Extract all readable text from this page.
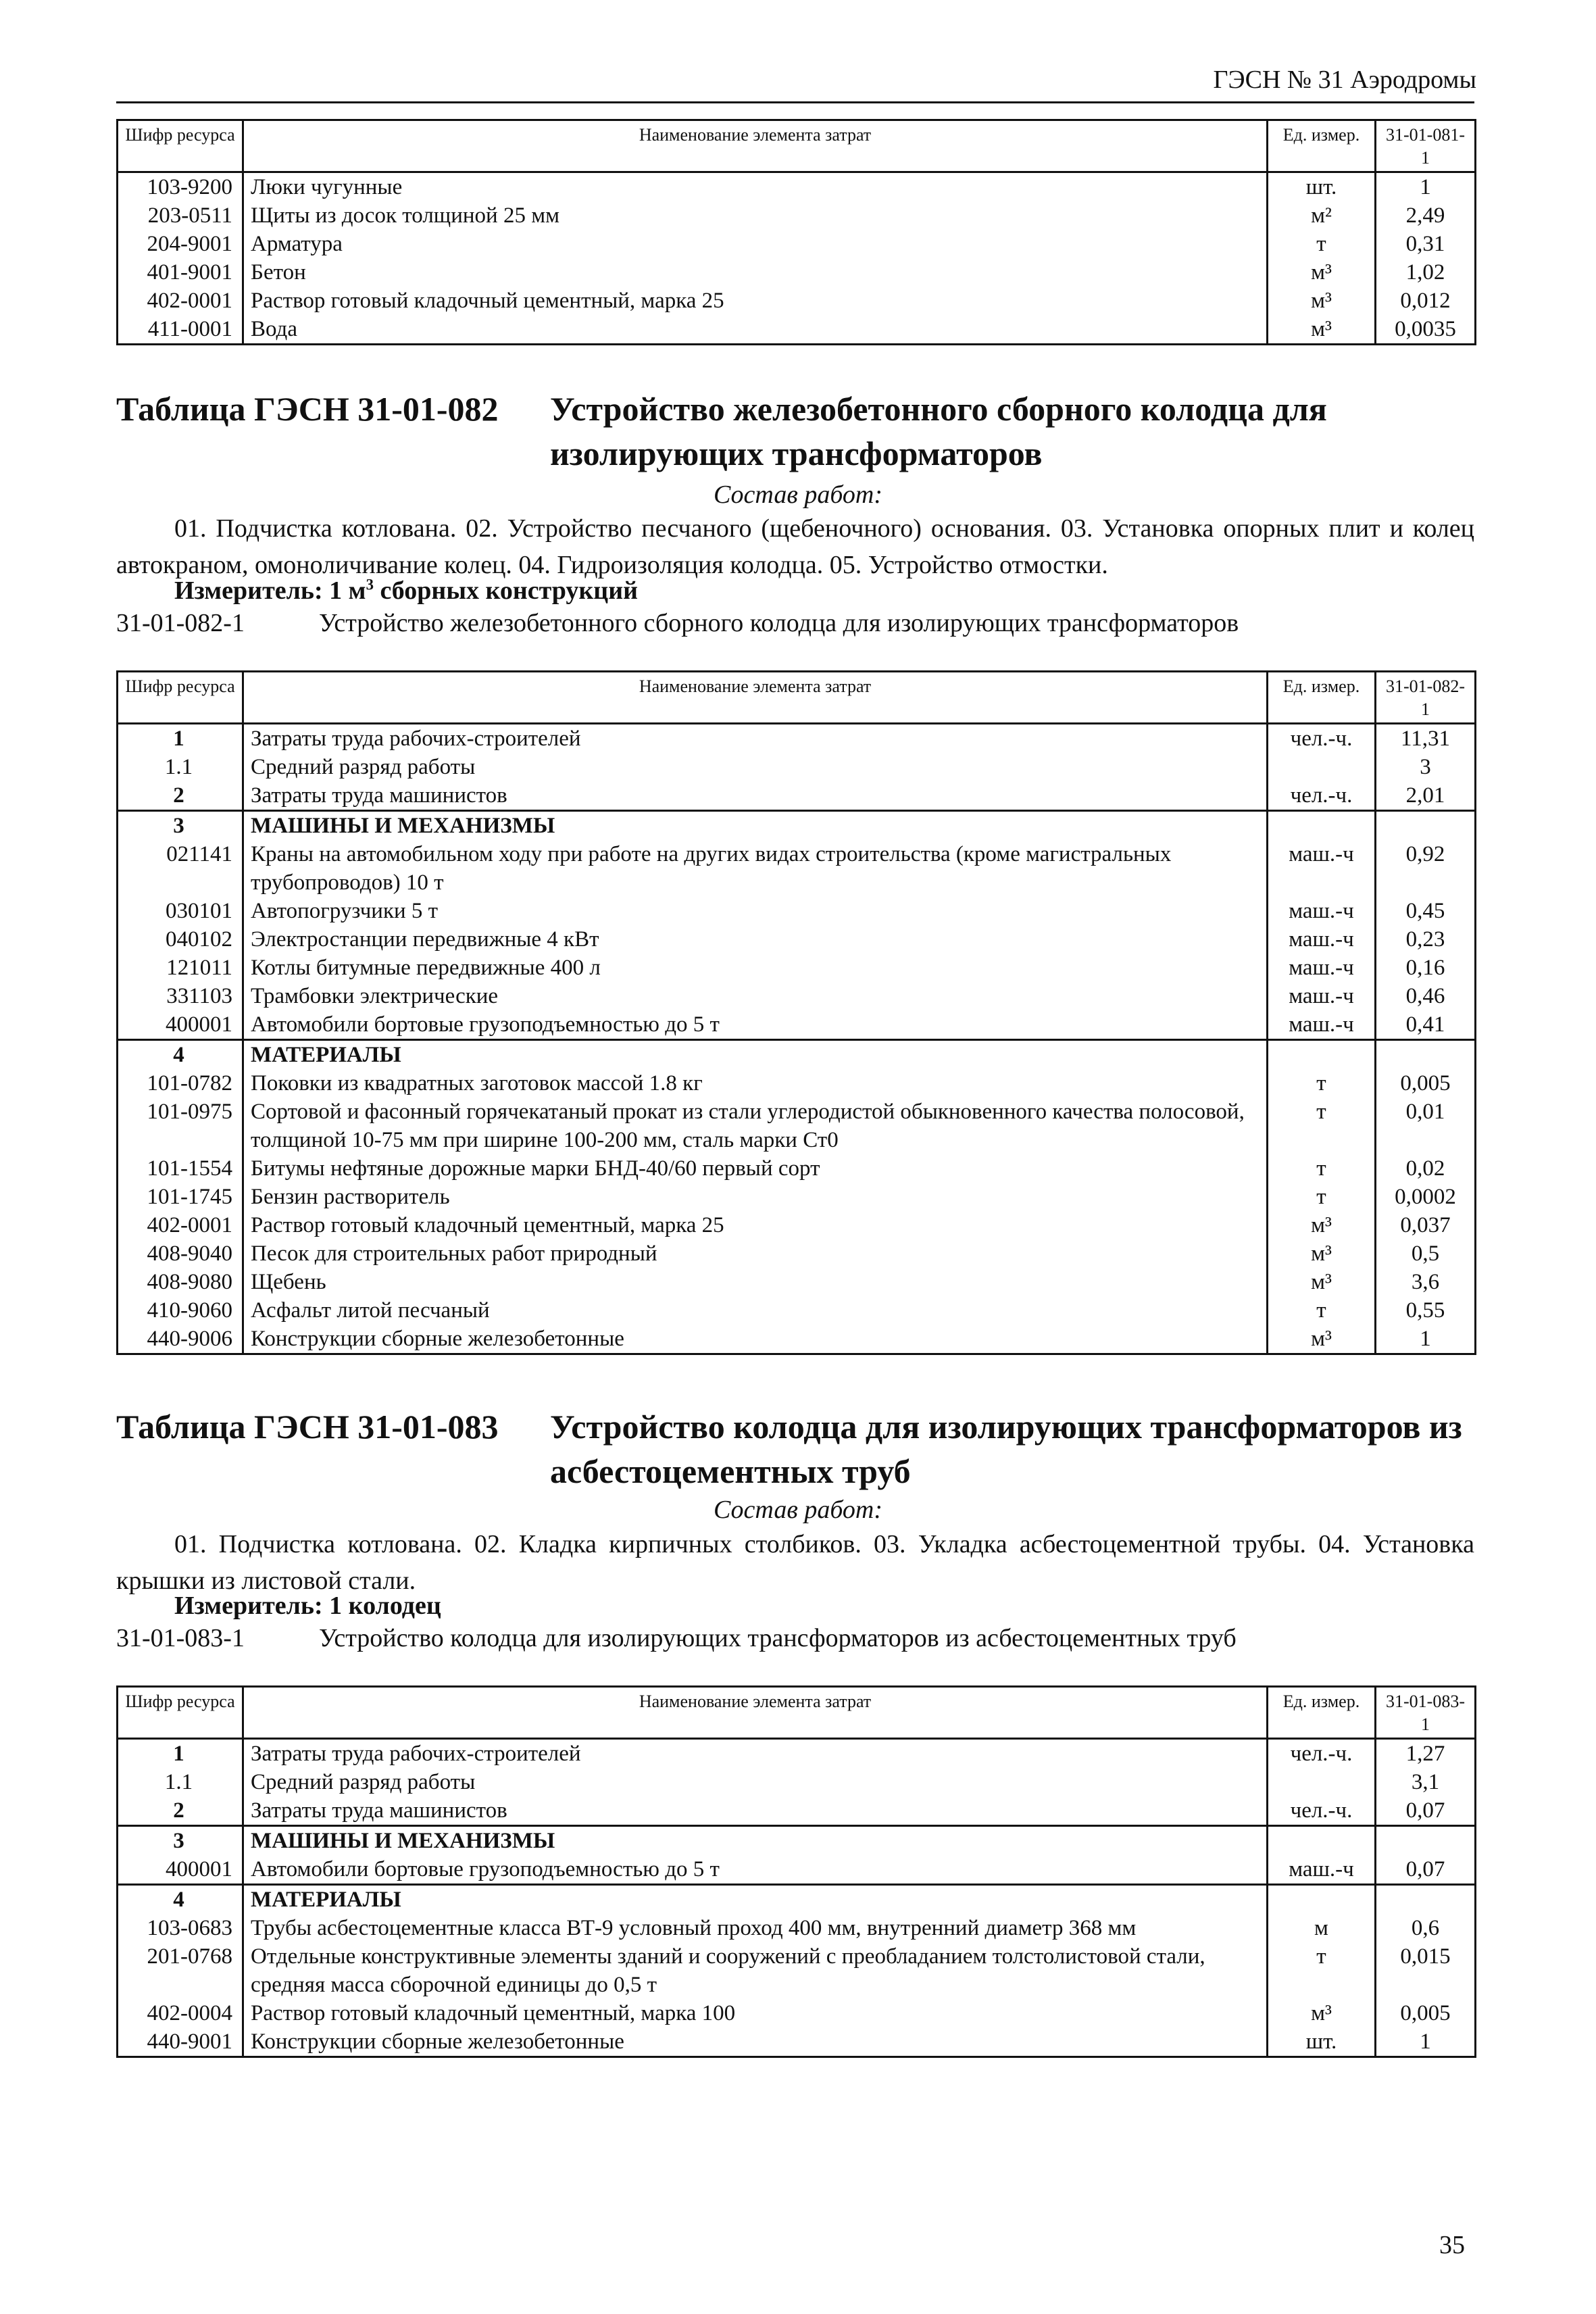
ГЭСН № 31 Аэродромы
Шифр ресурса	Наименование элемента затрат	Ед. измер.	31-01-081-1
103-9200	Люки чугунные	шт.	1
203-0511	Щиты из досок толщиной 25 мм	м²	2,49
204-9001	Арматура	т	0,31
401-9001	Бетон	м³	1,02
402-0001	Раствор готовый кладочный цементный, марка 25	м³	0,012
411-0001	Вода	м³	0,0035
Таблица ГЭСН 31-01-082 Устройство железобетонного сборного колодца для изолирующих трансформаторов
Состав работ:
01. Подчистка котлована. 02. Устройство песчаного (щебеночного) основания. 03. Установка опорных плит и колец автокраном, омоноличивание колец. 04. Гидроизоляция колодца. 05. Устройство отмостки.
Измеритель: 1 $м^3$ сборных конструкций
31-01-082-1	Устройство железобетонного сборного колодца для изолирующих трансформаторов
Шифр ресурса	Наименование элемента затрат	Ед. измер.	31-01-082-1
1	Затраты труда рабочих-строителей	чел.-ч.	11,31
1.1	Средний разряд работы		3
2	Затраты труда машинистов	чел.-ч.	2,01
3	МАШИНЫ И МЕХАНИЗМЫ		
021141	Краны на автомобильном ходу при работе на других видах строительства (кроме магистральных трубопроводов) 10 т	маш.-ч	0,92
030101	Автопогрузчики 5 т	маш.-ч	0,45
040102	Электростанции передвижные 4 кВт	маш.-ч	0,23
121011	Котлы битумные передвижные 400 л	маш.-ч	0,16
331103	Трамбовки электрические	маш.-ч	0,46
400001	Автомобили бортовые грузоподъемностью до 5 т	маш.-ч	0,41
4	МАТЕРИАЛЫ		
101-0782	Поковки из квадратных заготовок массой 1.8 кг	т	0,005
101-0975	Сортовой и фасонный горячекатаный прокат из стали углеродистой обыкновенного качества полосовой, толщиной 10-75 мм при ширине 100-200 мм, сталь марки Ст0	т	0,01
101-1554	Битумы нефтяные дорожные марки БНД-40/60 первый сорт	т	0,02
101-1745	Бензин растворитель	т	0,0002
402-0001	Раствор готовый кладочный цементный, марка 25	м³	0,037
408-9040	Песок для строительных работ природный	м³	0,5
408-9080	Щебень	м³	3,6
410-9060	Асфальт литой песчаный	т	0,55
440-9006	Конструкции сборные железобетонные	м³	1
Таблица ГЭСН 31-01-083 Устройство колодца для изолирующих трансформаторов из асбестоцементных труб
Состав работ:
01. Подчистка котлована. 02. Кладка кирпичных столбиков. 03. Укладка асбестоцементной трубы. 04. Установка крышки из листовой стали.
Измеритель: 1 колодец
31-01-083-1	Устройство колодца для изолирующих трансформаторов из асбестоцементных труб
Шифр ресурса	Наименование элемента затрат	Ед. измер.	31-01-083-1
1	Затраты труда рабочих-строителей	чел.-ч.	1,27
1.1	Средний разряд работы		3,1
2	Затраты труда машинистов	чел.-ч.	0,07
3	МАШИНЫ И МЕХАНИЗМЫ		
400001	Автомобили бортовые грузоподъемностью до 5 т	маш.-ч	0,07
4	МАТЕРИАЛЫ		
103-0683	Трубы асбестоцементные класса ВТ-9 условный проход 400 мм, внутренний диаметр 368 мм	м	0,6
201-0768	Отдельные конструктивные элементы зданий и сооружений с преобладанием толстолистовой стали, средняя масса сборочной единицы до 0,5 т	т	0,015
402-0004	Раствор готовый кладочный цементный, марка 100	м³	0,005
440-9001	Конструкции сборные железобетонные	шт.	1
35
